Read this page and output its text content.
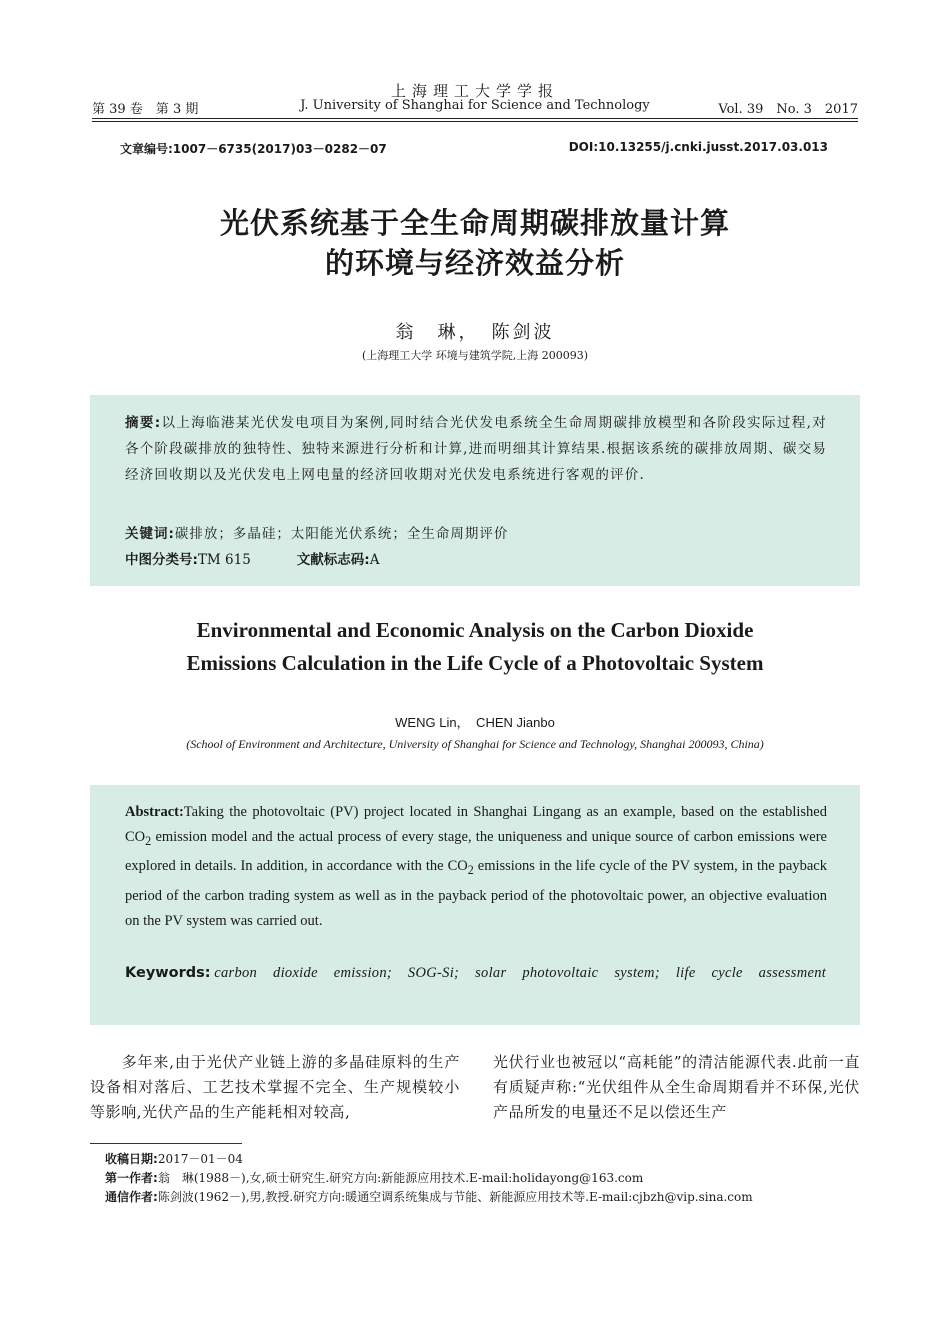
上海理工大学学报
第 39 卷　第 3 期	J. University of Shanghai for Science and Technology	Vol. 39　No. 3　2017
文章编号:1007－6735(2017)03－0282－07	DOI:10.13255/j.cnki.jusst.2017.03.013
光伏系统基于全生命周期碳排放量计算
的环境与经济效益分析
翁　琳，　陈剑波
(上海理工大学 环境与建筑学院,上海 200093)
摘要:以上海临港某光伏发电项目为案例,同时结合光伏发电系统全生命周期碳排放模型和各阶段实际过程,对各个阶段碳排放的独特性、独特来源进行分析和计算,进而明细其计算结果.根据该系统的碳排放周期、碳交易经济回收期以及光伏发电上网电量的经济回收期对光伏发电系统进行客观的评价.
关键词:碳排放；多晶硅；太阳能光伏系统；全生命周期评价
中图分类号:TM 615	文献标志码:A
Environmental and Economic Analysis on the Carbon Dioxide
Emissions Calculation in the Life Cycle of a Photovoltaic System
WENG Lin，　CHEN Jianbo
(School of Environment and Architecture, University of Shanghai for Science and Technology, Shanghai 200093, China)
Abstract:Taking the photovoltaic (PV) project located in Shanghai Lingang as an example, based on the established $CO_2$ emission model and the actual process of every stage, the uniqueness and unique source of carbon emissions were explored in details. In addition, in accordance with the $CO_2$ emissions in the life cycle of the PV system, in the payback period of the carbon trading system as well as in the payback period of the photovoltaic power, an objective evaluation on the PV system was carried out.
Keywords: carbon dioxide emission; SOG-Si; solar photovoltaic system; life cycle assessment
　　多年来,由于光伏产业链上游的多晶硅原料的生产设备相对落后、工艺技术掌握不完全、生产规模较小等影响,光伏产品的生产能耗相对较高,
光伏行业也被冠以“高耗能”的清洁能源代表.此前一直有质疑声称:“光伏组件从全生命周期看并不环保,光伏产品所发的电量还不足以偿还生产
收稿日期:2017－01－04
第一作者:翁　琳(1988－),女,硕士研究生.研究方向:新能源应用技术.E-mail:holidayong@163.com
通信作者:陈剑波(1962－),男,教授.研究方向:暖通空调系统集成与节能、新能源应用技术等.E-mail:cjbzh@vip.sina.com
